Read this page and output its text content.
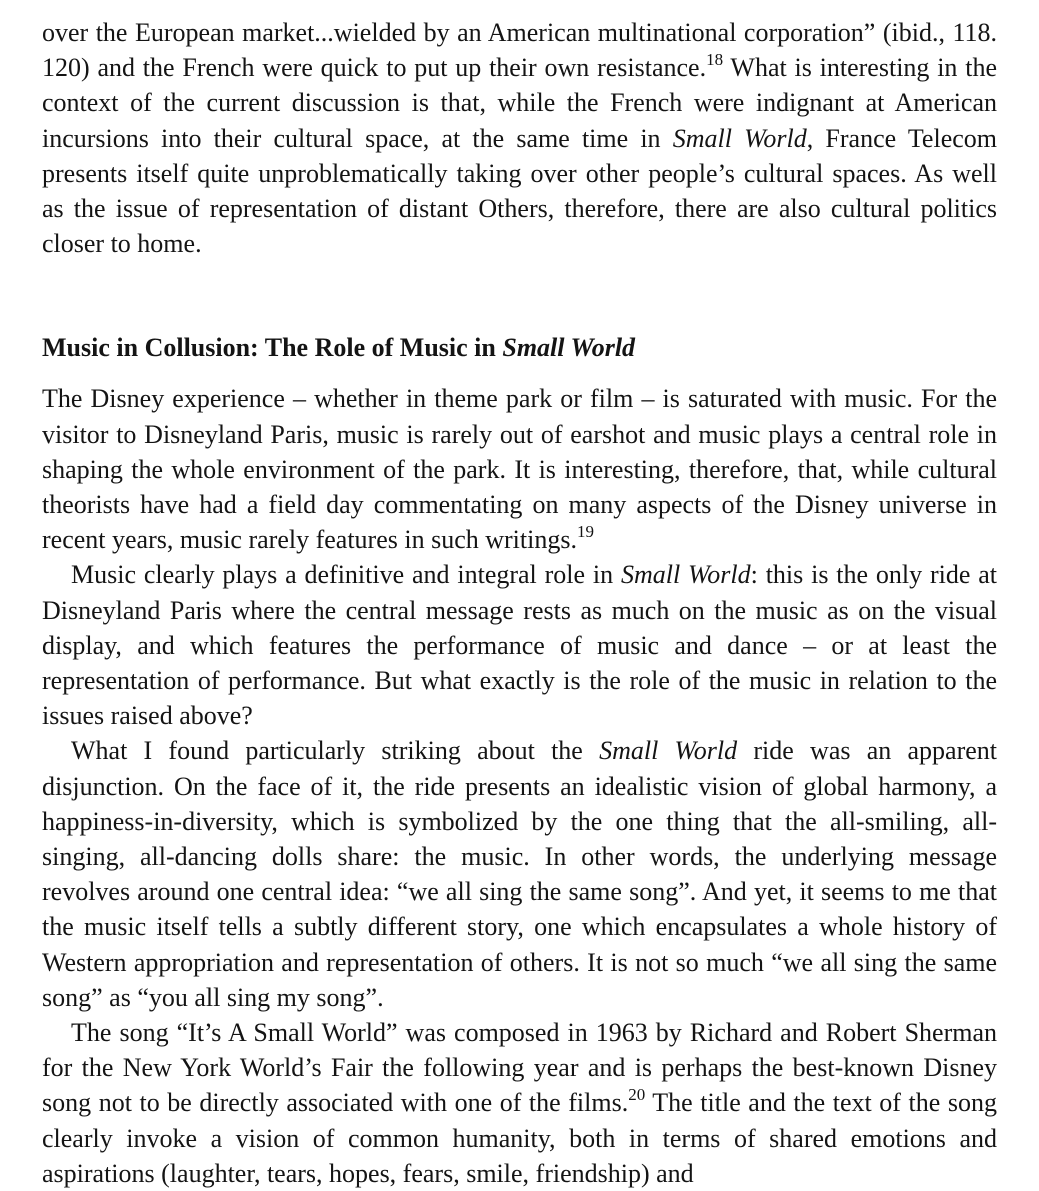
over the European market...wielded by an American multinational corporation” (ibid., 118. 120) and the French were quick to put up their own resistance.$^{18}$ What is interesting in the context of the current discussion is that, while the French were indignant at American incursions into their cultural space, at the same time in Small World, France Telecom presents itself quite unproblematically taking over other people’s cultural spaces. As well as the issue of representation of distant Others, therefore, there are also cultural politics closer to home.

Music in Collusion: The Role of Music in Small World

The Disney experience – whether in theme park or film – is saturated with music. For the visitor to Disneyland Paris, music is rarely out of earshot and music plays a central role in shaping the whole environment of the park. It is interesting, therefore, that, while cultural theorists have had a field day commentating on many aspects of the Disney universe in recent years, music rarely features in such writings.$^{19}$

Music clearly plays a definitive and integral role in Small World: this is the only ride at Disneyland Paris where the central message rests as much on the music as on the visual display, and which features the performance of music and dance – or at least the representation of performance. But what exactly is the role of the music in relation to the issues raised above?

What I found particularly striking about the Small World ride was an apparent disjunction. On the face of it, the ride presents an idealistic vision of global harmony, a happiness-in-diversity, which is symbolized by the one thing that the all-smiling, all-singing, all-dancing dolls share: the music. In other words, the underlying message revolves around one central idea: “we all sing the same song”. And yet, it seems to me that the music itself tells a subtly different story, one which encapsulates a whole history of Western appropriation and representation of others. It is not so much “we all sing the same song” as “you all sing my song”.

The song “It’s A Small World” was composed in 1963 by Richard and Robert Sherman for the New York World’s Fair the following year and is perhaps the best-known Disney song not to be directly associated with one of the films.$^{20}$ The title and the text of the song clearly invoke a vision of common humanity, both in terms of shared emotions and aspirations (laughter, tears, hopes, fears, smile, friendship) and
